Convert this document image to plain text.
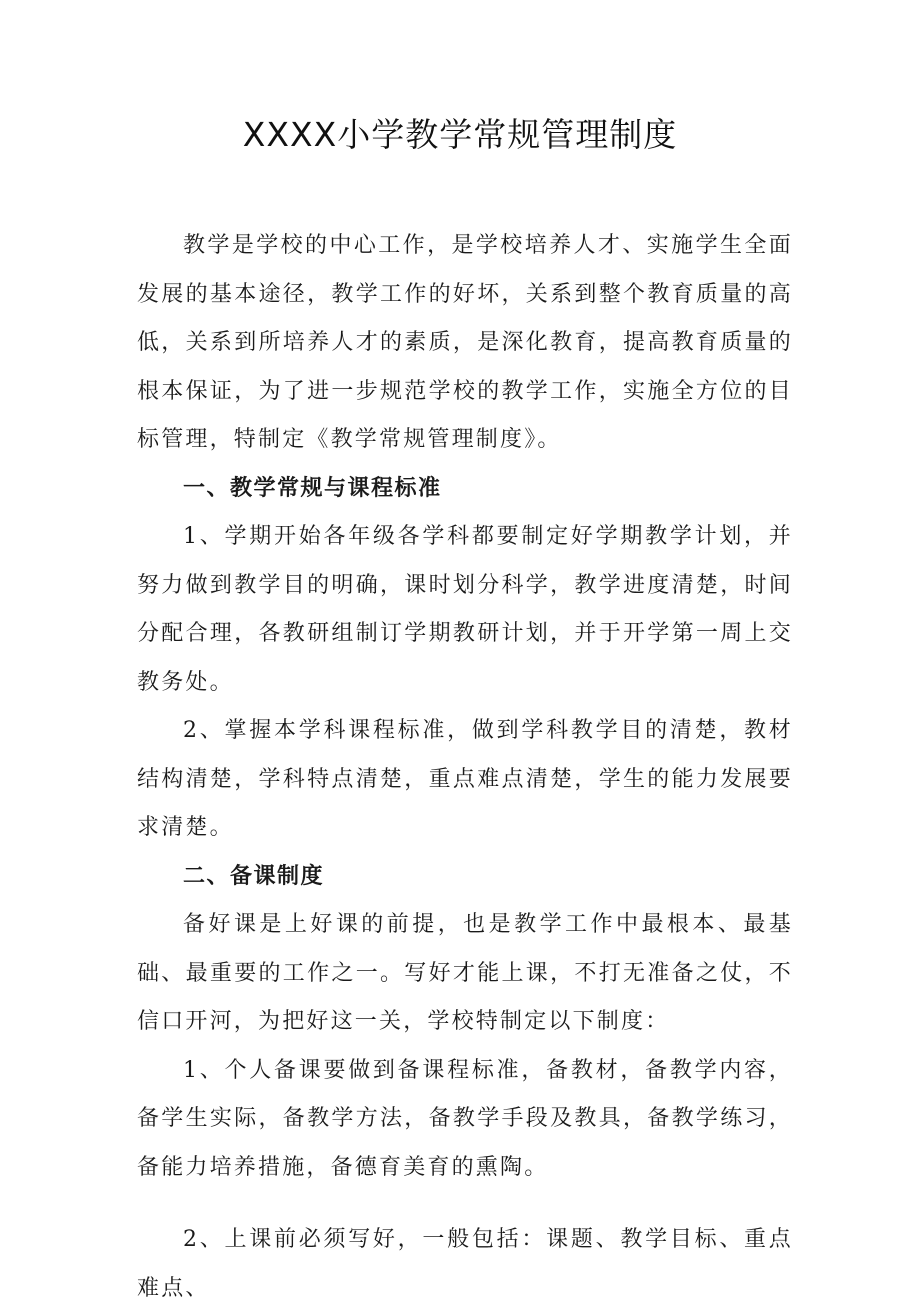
XXXX小学教学常规管理制度

教学是学校的中心工作，是学校培养人才、实施学生全面发展的基本途径，教学工作的好坏，关系到整个教育质量的高低，关系到所培养人才的素质，是深化教育，提高教育质量的根本保证，为了进一步规范学校的教学工作，实施全方位的目标管理，特制定《教学常规管理制度》。

一、教学常规与课程标准

1、学期开始各年级各学科都要制定好学期教学计划，并努力做到教学目的明确，课时划分科学，教学进度清楚，时间分配合理，各教研组制订学期教研计划，并于开学第一周上交教务处。

2、掌握本学科课程标准，做到学科教学目的清楚，教材结构清楚，学科特点清楚，重点难点清楚，学生的能力发展要求清楚。

二、备课制度

备好课是上好课的前提，也是教学工作中最根本、最基础、最重要的工作之一。写好才能上课，不打无准备之仗，不信口开河，为把好这一关，学校特制定以下制度：

1、个人备课要做到备课程标准，备教材，备教学内容，备学生实际，备教学方法，备教学手段及教具，备教学练习，备能力培养措施，备德育美育的熏陶。

2、上课前必须写好，一般包括：课题、教学目标、重点难点、
